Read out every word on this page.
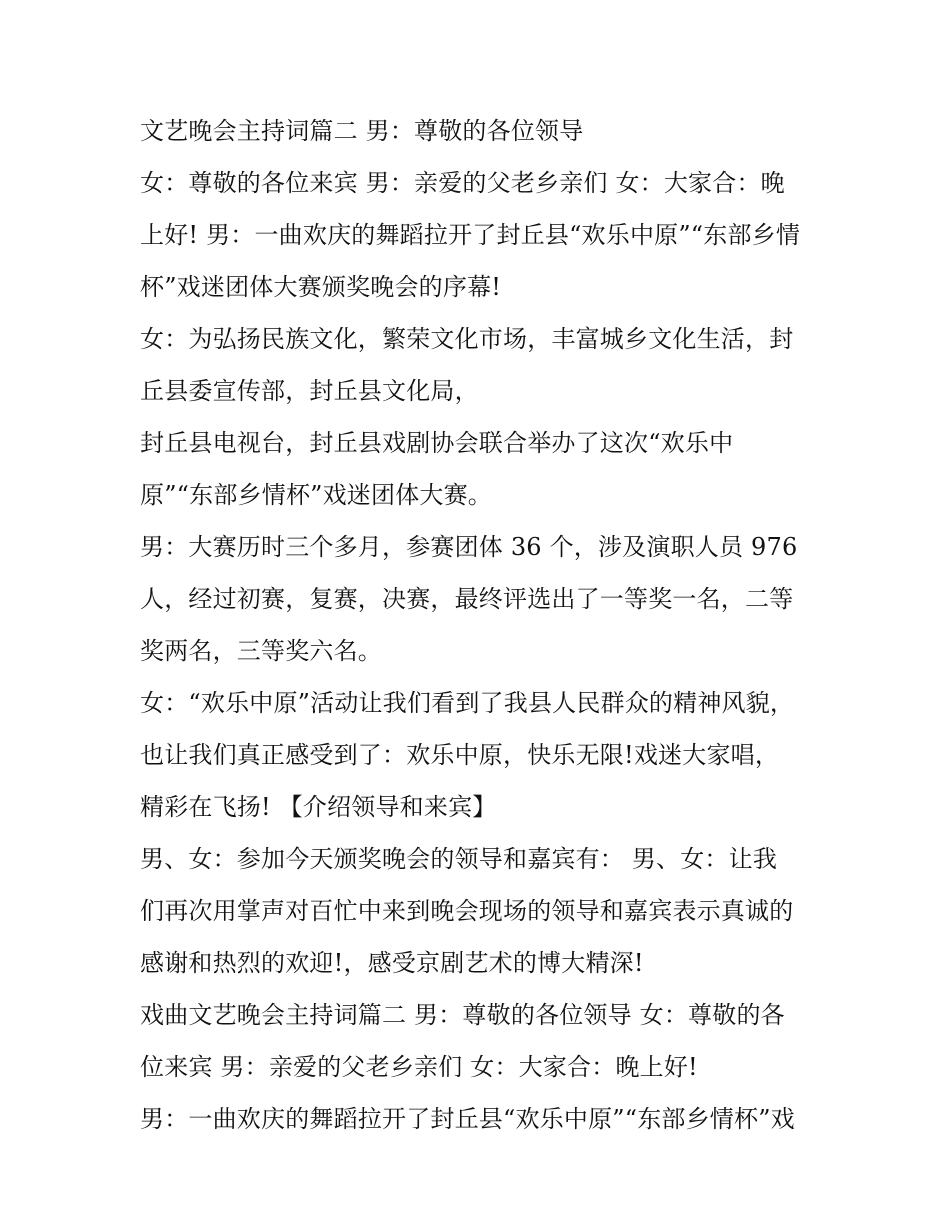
文艺晚会主持词篇二 男：尊敬的各位领导
女：尊敬的各位来宾 男：亲爱的父老乡亲们 女：大家合：晚
上好! 男：一曲欢庆的舞蹈拉开了封丘县“欢乐中原”“东部乡情
杯”戏迷团体大赛颁奖晚会的序幕!
女：为弘扬民族文化，繁荣文化市场，丰富城乡文化生活，封
丘县委宣传部，封丘县文化局，
封丘县电视台，封丘县戏剧协会联合举办了这次“欢乐中
原”“东部乡情杯”戏迷团体大赛。
男：大赛历时三个多月，参赛团体 36 个，涉及演职人员 976
人，经过初赛，复赛，决赛，最终评选出了一等奖一名，二等
奖两名，三等奖六名。
女：“欢乐中原”活动让我们看到了我县人民群众的精神风貌，
也让我们真正感受到了：欢乐中原，快乐无限!戏迷大家唱，
精彩在飞扬! 【介绍领导和来宾】
男、女：参加今天颁奖晚会的领导和嘉宾有： 男、女：让我
们再次用掌声对百忙中来到晚会现场的领导和嘉宾表示真诚的
感谢和热烈的欢迎!，感受京剧艺术的博大精深!
戏曲文艺晚会主持词篇二 男：尊敬的各位领导 女：尊敬的各
位来宾 男：亲爱的父老乡亲们 女：大家合：晚上好!
男：一曲欢庆的舞蹈拉开了封丘县“欢乐中原”“东部乡情杯”戏
